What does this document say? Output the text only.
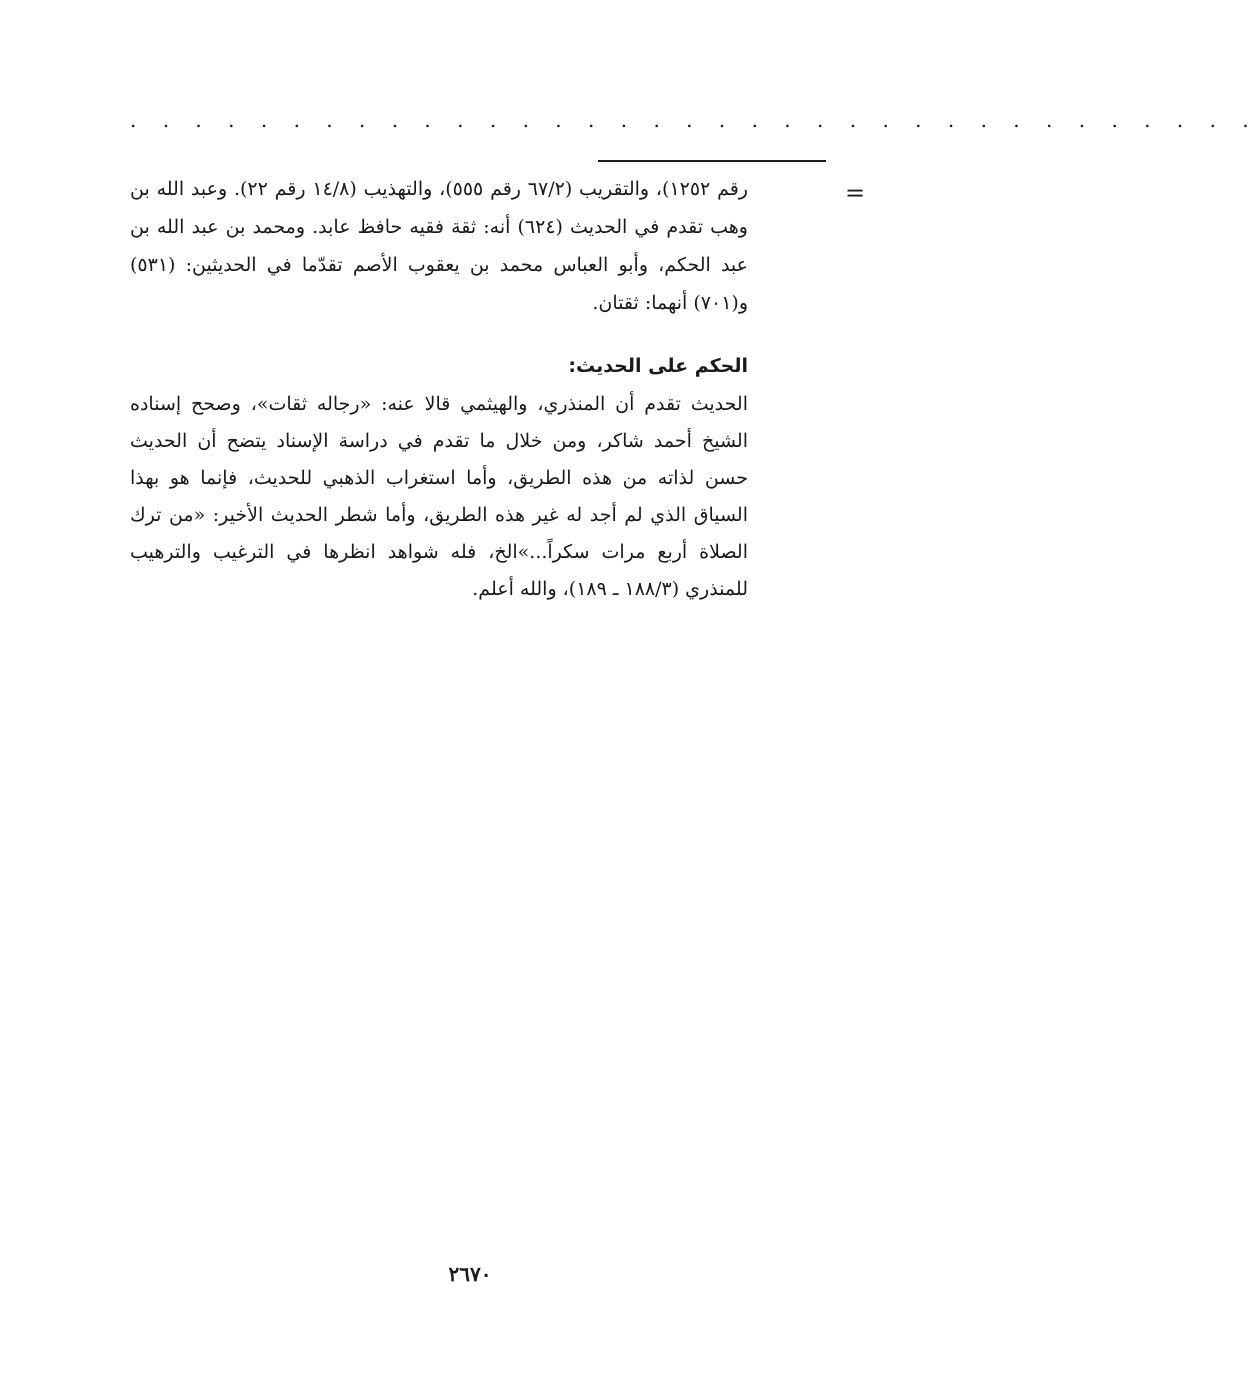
. . . . . . . . . . . . . . . . . . . . . . . . . . . . . . . . . . .
=
رقم ١٢٥٢)، والتقريب (٦٧/٢ رقم ٥٥٥)، والتهذيب (١٤/٨ رقم ٢٢). وعبد الله بن وهب تقدم في الحديث (٦٢٤) أنه: ثقة فقيه حافظ عابد. ومحمد بن عبد الله بن عبد الحكم، وأبو العباس محمد بن يعقوب الأصم تقدّما في الحديثين: (٥٣١) و(٧٠١) أنهما: ثقتان.
الحكم على الحديث:

الحديث تقدم أن المنذري، والهيثمي قالا عنه: «رجاله ثقات»، وصحح إسناده الشيخ أحمد شاكر، ومن خلال ما تقدم في دراسة الإسناد يتضح أن الحديث حسن لذاته من هذه الطريق، وأما استغراب الذهبي للحديث، فإنما هو بهذا السياق الذي لم أجد له غير هذه الطريق، وأما شطر الحديث الأخير: «من ترك الصلاة أربع مرات سكراً...»الخ، فله شواهد انظرها في الترغيب والترهيب للمنذري (١٨٨/٣ ـ ١٨٩)، والله أعلم.

٢٦٧٠
